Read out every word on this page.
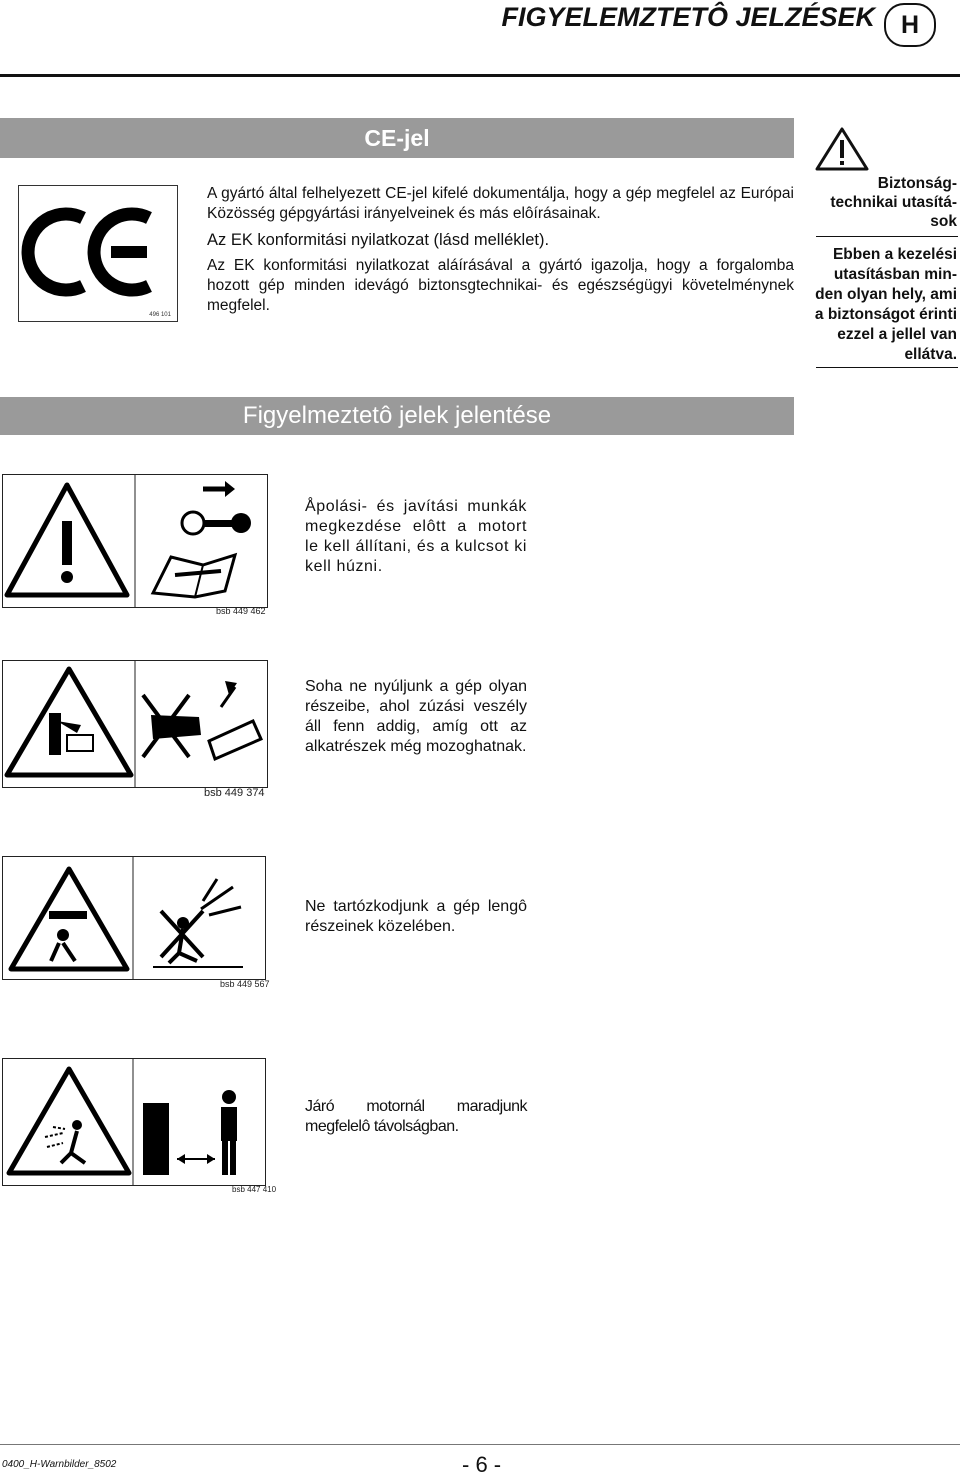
FIGYELEMZTETÔ JELZÉSEK	H
CE-jel
496 101

A gyártó által felhelyezett CE-jel kifelé dokumentálja, hogy a gép megfelel az Európai Közösség gépgyártási irányelveinek és más elôírásainak.

Az EK konformitási nyilatkozat (lásd melléklet).

Az EK konformitási nyilatkozat aláírásával a gyártó igazolja, hogy a forgalomba hozott gép minden idevágó biztonsgtechnikai- és egészségügyi követelménynek megfelel.

Biztonság-technikai utasítá-sok
Ebben a kezelési utasításban min-den olyan hely, ami a biztonságot érinti ezzel a jellel van ellátva.
Figyelmeztetô jelek jelentése
bsb 449 462
Åpolási- és javítási munkák megkezdése elôtt a motort le kell állítani, és a kulcsot ki kell húzni.
bsb 449 374
Soha ne nyúljunk a gép olyan részeibe, ahol zúzási veszély áll fenn addig, amíg ott az alkatrészek még mozoghatnak.
bsb 449 567
Ne tartózkodjunk a gép lengô részeinek közelében.
bsb 447 410
Járó motornál maradjunk megfelelô távolságban.
0400_H-Warnbilder_8502	- 6 -
